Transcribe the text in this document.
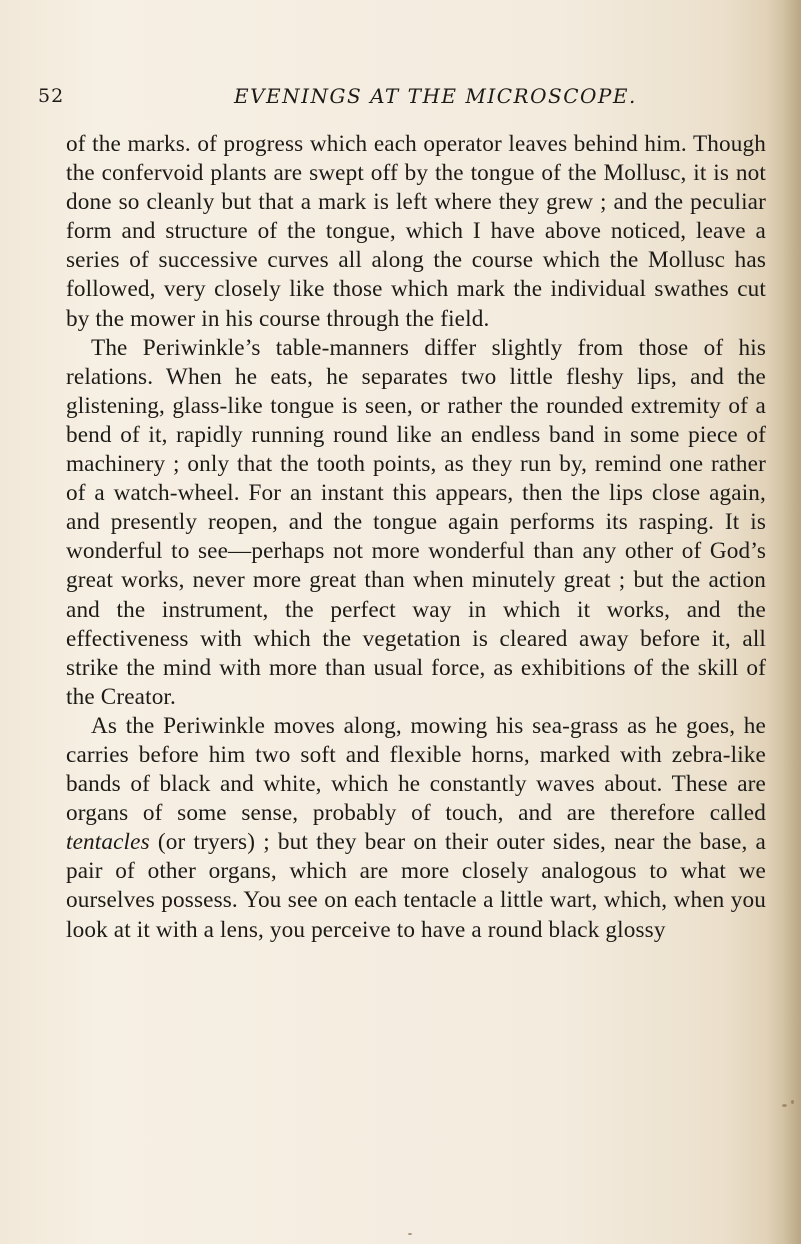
52	EVENINGS AT THE MICROSCOPE.

of the marks. of progress which each operator leaves behind him. Though the confervoid plants are swept off by the tongue of the Mollusc, it is not done so cleanly but that a mark is left where they grew ; and the peculiar form and structure of the tongue, which I have above noticed, leave a series of successive curves all along the course which the Mollusc has followed, very closely like those which mark the individual swathes cut by the mower in his course through the field.

The Periwinkle’s table-manners differ slightly from those of his relations. When he eats, he separates two little fleshy lips, and the glistening, glass-like tongue is seen, or rather the rounded extremity of a bend of it, rapidly running round like an endless band in some piece of machinery ; only that the tooth points, as they run by, remind one rather of a watch-wheel. For an instant this appears, then the lips close again, and presently reopen, and the tongue again performs its rasping. It is wonderful to see—perhaps not more wonderful than any other of God’s great works, never more great than when minutely great ; but the action and the instrument, the perfect way in which it works, and the effectiveness with which the vegetation is cleared away before it, all strike the mind with more than usual force, as exhibitions of the skill of the Creator.

As the Periwinkle moves along, mowing his sea-grass as he goes, he carries before him two soft and flexible horns, marked with zebra-like bands of black and white, which he constantly waves about. These are organs of some sense, probably of touch, and are therefore called tentacles (or tryers) ; but they bear on their outer sides, near the base, a pair of other organs, which are more closely analogous to what we ourselves possess. You see on each tentacle a little wart, which, when you look at it with a lens, you perceive to have a round black glossy
